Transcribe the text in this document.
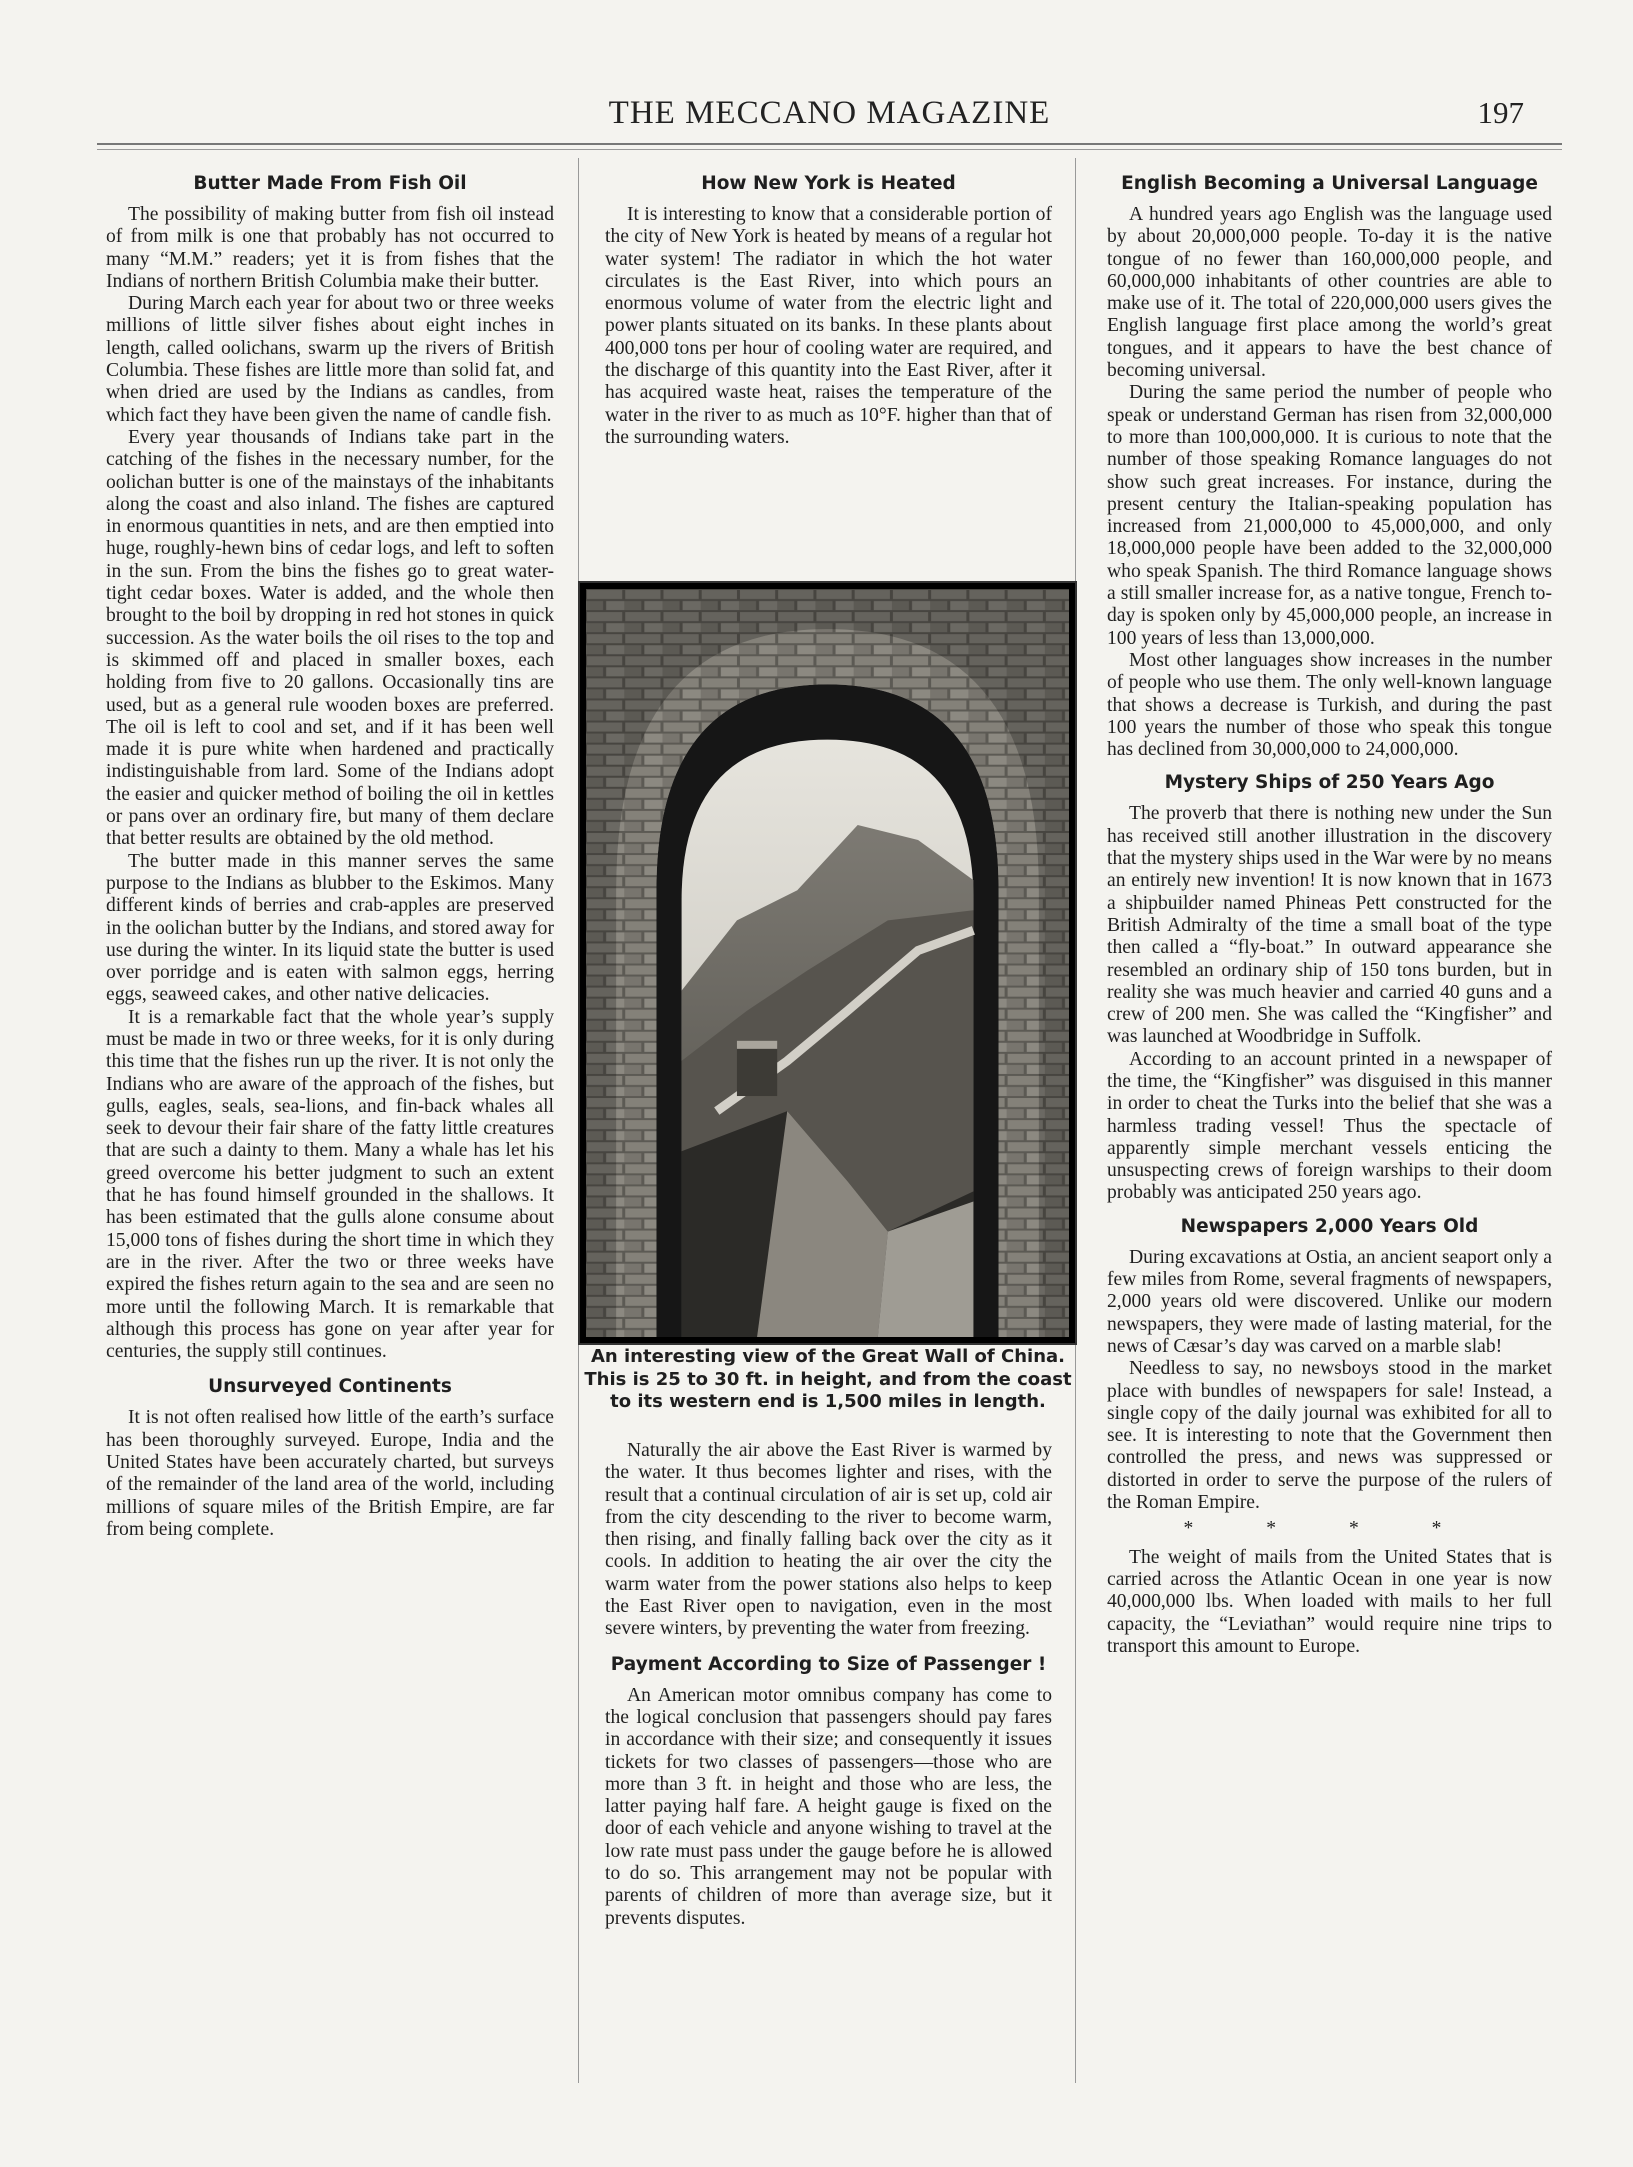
THE MECCANO MAGAZINE	197
Butter Made From Fish Oil

The possibility of making butter from fish oil instead of from milk is one that probably has not occurred to many “M.M.” readers; yet it is from fishes that the Indians of northern British Columbia make their butter.

During March each year for about two or three weeks millions of little silver fishes about eight inches in length, called oolichans, swarm up the rivers of British Columbia. These fishes are little more than solid fat, and when dried are used by the Indians as candles, from which fact they have been given the name of candle fish.

Every year thousands of Indians take part in the catching of the fishes in the necessary number, for the oolichan butter is one of the mainstays of the inhabitants along the coast and also inland. The fishes are captured in enormous quantities in nets, and are then emptied into huge, roughly-hewn bins of cedar logs, and left to soften in the sun. From the bins the fishes go to great water-tight cedar boxes. Water is added, and the whole then brought to the boil by dropping in red hot stones in quick succession. As the water boils the oil rises to the top and is skimmed off and placed in smaller boxes, each holding from five to 20 gallons. Occasionally tins are used, but as a general rule wooden boxes are preferred. The oil is left to cool and set, and if it has been well made it is pure white when hardened and practically indistinguishable from lard. Some of the Indians adopt the easier and quicker method of boiling the oil in kettles or pans over an ordinary fire, but many of them declare that better results are obtained by the old method.

The butter made in this manner serves the same purpose to the Indians as blubber to the Eskimos. Many different kinds of berries and crab-apples are preserved in the oolichan butter by the Indians, and stored away for use during the winter. In its liquid state the butter is used over porridge and is eaten with salmon eggs, herring eggs, seaweed cakes, and other native delicacies.

It is a remarkable fact that the whole year’s supply must be made in two or three weeks, for it is only during this time that the fishes run up the river. It is not only the Indians who are aware of the approach of the fishes, but gulls, eagles, seals, sea-lions, and fin-back whales all seek to devour their fair share of the fatty little creatures that are such a dainty to them. Many a whale has let his greed overcome his better judgment to such an extent that he has found himself grounded in the shallows. It has been estimated that the gulls alone consume about 15,000 tons of fishes during the short time in which they are in the river. After the two or three weeks have expired the fishes return again to the sea and are seen no more until the following March. It is remarkable that although this process has gone on year after year for centuries, the supply still continues.

Unsurveyed Continents

It is not often realised how little of the earth’s surface has been thoroughly surveyed. Europe, India and the United States have been accurately charted, but surveys of the remainder of the land area of the world, including millions of square miles of the British Empire, are far from being complete.

How New York is Heated

It is interesting to know that a considerable portion of the city of New York is heated by means of a regular hot water system! The radiator in which the hot water circulates is the East River, into which pours an enormous volume of water from the electric light and power plants situated on its banks. In these plants about 400,000 tons per hour of cooling water are required, and the discharge of this quantity into the East River, after it has acquired waste heat, raises the temperature of the water in the river to as much as 10°F. higher than that of the surrounding waters.

An interesting view of the Great Wall of China. This is 25 to 30 ft. in height, and from the coast to its western end is 1,500 miles in length.

Naturally the air above the East River is warmed by the water. It thus becomes lighter and rises, with the result that a continual circulation of air is set up, cold air from the city descending to the river to become warm, then rising, and finally falling back over the city as it cools. In addition to heating the air over the city the warm water from the power stations also helps to keep the East River open to navigation, even in the most severe winters, by preventing the water from freezing.

Payment According to Size of Passenger !

An American motor omnibus company has come to the logical conclusion that passengers should pay fares in accordance with their size; and consequently it issues tickets for two classes of passengers—those who are more than 3 ft. in height and those who are less, the latter paying half fare. A height gauge is fixed on the door of each vehicle and anyone wishing to travel at the low rate must pass under the gauge before he is allowed to do so. This arrangement may not be popular with parents of children of more than average size, but it prevents disputes.

English Becoming a Universal Language

A hundred years ago English was the language used by about 20,000,000 people. To-day it is the native tongue of no fewer than 160,000,000 people, and 60,000,000 inhabitants of other countries are able to make use of it. The total of 220,000,000 users gives the English language first place among the world’s great tongues, and it appears to have the best chance of becoming universal.

During the same period the number of people who speak or understand German has risen from 32,000,000 to more than 100,000,000. It is curious to note that the number of those speaking Romance languages do not show such great increases. For instance, during the present century the Italian-speaking population has increased from 21,000,000 to 45,000,000, and only 18,000,000 people have been added to the 32,000,000 who speak Spanish. The third Romance language shows a still smaller increase for, as a native tongue, French to-day is spoken only by 45,000,000 people, an increase in 100 years of less than 13,000,000.

Most other languages show increases in the number of people who use them. The only well-known language that shows a decrease is Turkish, and during the past 100 years the number of those who speak this tongue has declined from 30,000,000 to 24,000,000.

Mystery Ships of 250 Years Ago

The proverb that there is nothing new under the Sun has received still another illustration in the discovery that the mystery ships used in the War were by no means an entirely new invention! It is now known that in 1673 a shipbuilder named Phineas Pett constructed for the British Admiralty of the time a small boat of the type then called a “fly-boat.” In outward appearance she resembled an ordinary ship of 150 tons burden, but in reality she was much heavier and carried 40 guns and a crew of 200 men. She was called the “Kingfisher” and was launched at Woodbridge in Suffolk.

According to an account printed in a newspaper of the time, the “Kingfisher” was disguised in this manner in order to cheat the Turks into the belief that she was a harmless trading vessel! Thus the spectacle of apparently simple merchant vessels enticing the unsuspecting crews of foreign warships to their doom probably was anticipated 250 years ago.

Newspapers 2,000 Years Old

During excavations at Ostia, an ancient seaport only a few miles from Rome, several fragments of newspapers, 2,000 years old were discovered. Unlike our modern newspapers, they were made of lasting material, for the news of Cæsar’s day was carved on a marble slab!

Needless to say, no newsboys stood in the market place with bundles of newspapers for sale! Instead, a single copy of the daily journal was exhibited for all to see. It is interesting to note that the Government then controlled the press, and news was suppressed or distorted in order to serve the purpose of the rulers of the Roman Empire.

* * * *

The weight of mails from the United States that is carried across the Atlantic Ocean in one year is now 40,000,000 lbs. When loaded with mails to her full capacity, the “Leviathan” would require nine trips to transport this amount to Europe.
